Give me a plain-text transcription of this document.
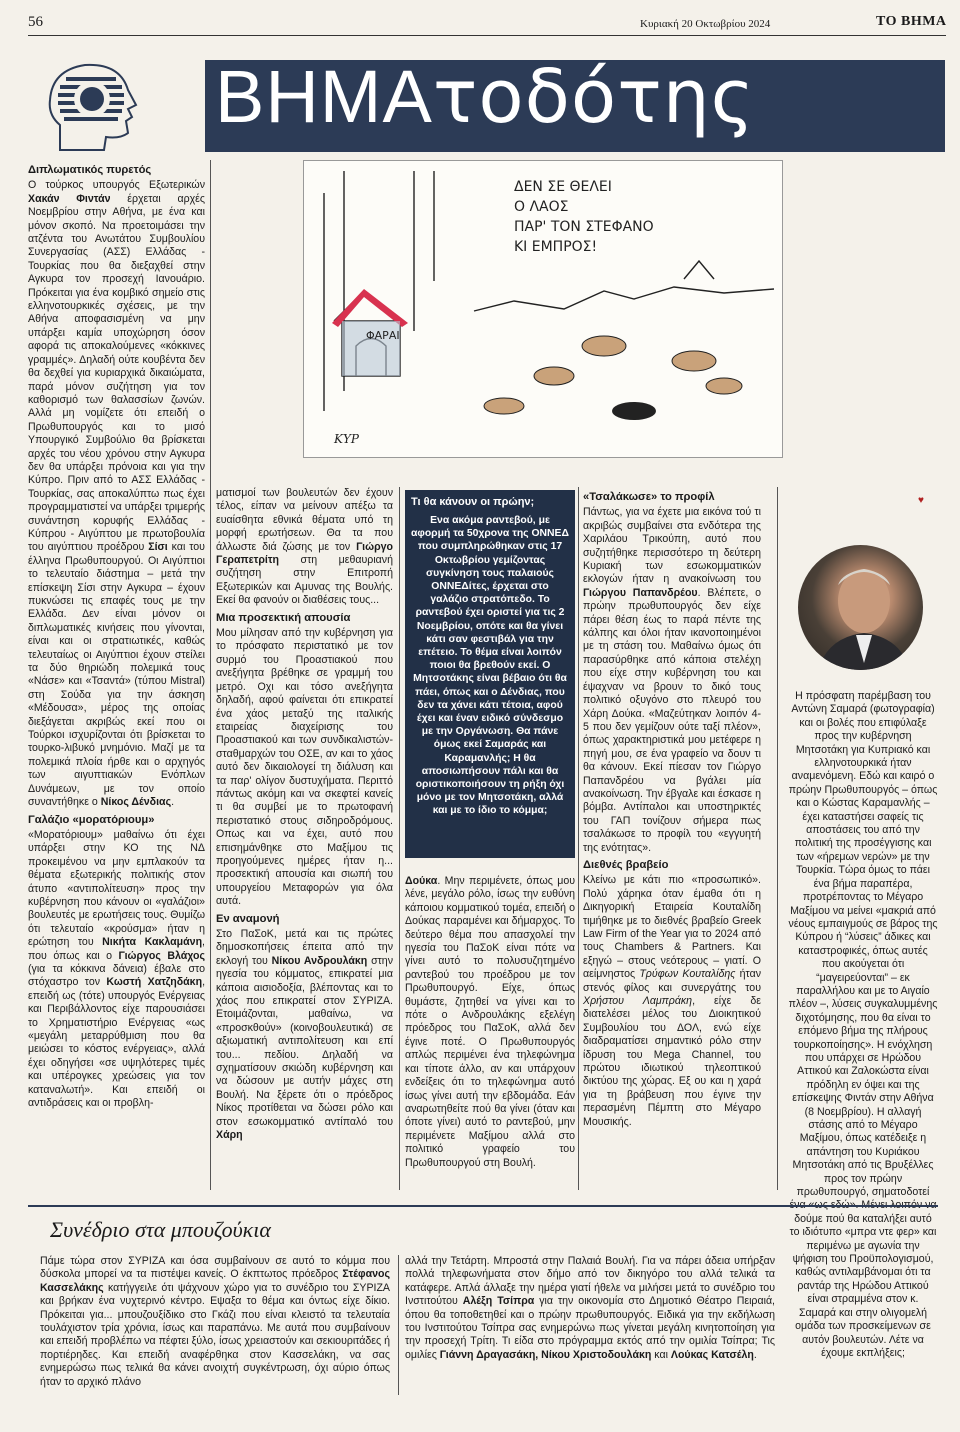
56	Κυριακή 20 Οκτωβρίου 2024	ΤΟ ΒΗΜΑ
ΒΗΜΑτοδότης
Διπλωματικός πυρετός

Ο τούρκος υπουργός Εξωτερικών Χακάν Φιντάν έρχεται αρχές Νοεμβρίου στην Αθήνα, με ένα και μόνον σκοπό. Να προετοιμάσει την ατζέντα του Ανωτάτου Συμβουλίου Συνεργασίας (ΑΣΣ) Ελλάδας - Τουρκίας που θα διεξαχθεί στην Αγκυρα τον προσεχή Ιανουάριο. Πρόκειται για ένα κομβικό σημείο στις ελληνοτουρκικές σχέσεις, με την Αθήνα αποφασισμένη να μην υπάρξει καμία υποχώρηση όσον αφορά τις αποκαλούμενες «κόκκινες γραμμές». Δηλαδή ούτε κουβέντα δεν θα δεχθεί για κυριαρχικά δικαιώματα, παρά μόνον συζήτηση για τον καθορισμό των θαλασσίων ζωνών. Αλλά μη νομίζετε ότι επειδή ο Πρωθυπουργός και το μισό Υπουργικό Συμβούλιο θα βρίσκεται αρχές του νέου χρόνου στην Αγκυρα δεν θα υπάρξει πρόνοια και για την Κύπρο. Πριν από το ΑΣΣ Ελλάδας - Τουρκίας, σας αποκαλύπτω πως έχει προγραμματιστεί να υπάρξει τριμερής συνάντηση κορυφής Ελλάδας - Κύπρου - Αιγύπτου με πρωτοβουλία του αιγύπτιου προέδρου Σίσι και του έλληνα Πρωθυπουργού. Οι Αιγύπτιοι το τελευταίο διάστημα – μετά την επίσκεψη Σίσι στην Αγκυρα – έχουν πυκνώσει τις επαφές τους με την Ελλάδα. Δεν είναι μόνον οι διπλωματικές κινήσεις που γίνονται, είναι και οι στρατιωτικές, καθώς τελευταίως οι Αιγύπτιοι έχουν στείλει τα δύο θηριώδη πολεμικά τους «Νάσε» και «Τσαντά» (τύπου Mistral) στη Σούδα για την άσκηση «Μέδουσα», μέρος της οποίας διεξάγεται ακριβώς εκεί που οι Τούρκοι ισχυρίζονται ότι βρίσκεται το τουρκο-λιβυκό μνημόνιο. Μαζί με τα πολεμικά πλοία ήρθε και ο αρχηγός των αιγυπτιακών Ενόπλων Δυνάμεων, με τον οποίο συναντήθηκε ο Νίκος Δένδιας.

Γαλάζιο «μορατόριουμ»

«Μορατόριουμ» μαθαίνω ότι έχει υπάρξει στην ΚΟ της ΝΔ προκειμένου να μην εμπλακούν τα θέματα εξωτερικής πολιτικής στον άτυπο «αντιπολίτευση» προς την κυβέρνηση που κάνουν οι «γαλάζιοι» βουλευτές με ερωτήσεις τους. Θυμίζω ότι τελευταίο «κρούσμα» ήταν η ερώτηση του Νικήτα Κακλαμάνη, που όπως και ο Γιώργος Βλάχος (για τα κόκκινα δάνεια) έβαλε στο στόχαστρο τον Κωστή Χατζηδάκη, επειδή ως (τότε) υπουργός Ενέργειας και Περιβάλλοντος είχε παρουσιάσει το Χρηματιστήριο Ενέργειας «ως «μεγάλη μεταρρύθμιση που θα μειώσει το κόστος ενέργειας», αλλά έχει οδηγήσει «σε υψηλότερες τιμές και υπέρογκες χρεώσεις για τον καταναλωτή». Και επειδή οι αντιδράσεις και οι προβλη-

ΦΑΡΑΙ
ΔΕΝ ΣΕ ΘΕΛΕΙ
Ο ΛΑΟΣ
ΠΑΡ' ΤΟΝ ΣΤΕΦΑΝΟ
ΚΙ ΕΜΠΡΟΣ!
ΚΥΡ

ματισμοί των βουλευτών δεν έχουν τέλος, είπαν να μείνουν απέξω τα ευαίσθητα εθνικά θέματα υπό τη μορφή ερωτήσεων. Θα τα που άλλωστε διά ζώσης με τον Γιώργο Γεραπετρίτη στη μεθαυριανή συζήτηση στην Επιτροπή Εξωτερικών και Αμυνας της Βουλής. Εκεί θα φανούν οι διαθέσεις τους...

Μια προσεκτική απουσία

Μου μίλησαν από την κυβέρνηση για το πρόσφατο περιστατικό με τον συρμό του Προαστιακού που ανεξήγητα βρέθηκε σε γραμμή του μετρό. Οχι και τόσο ανεξήγητα δηλαδή, αφού φαίνεται ότι επικρατεί ένα χάος μεταξύ της ιταλικής εταιρείας διαχείρισης του Προαστιακού και των συνδικαλιστών-σταθμαρχών του ΟΣΕ, αν και το χάος αυτό δεν δικαιολογεί τη διάλυση και τα παρ' ολίγον δυστυχήματα. Περιττό πάντως ακόμη και να σκεφτεί κανείς τι θα συμβεί με το πρωτοφανή περιστατικό στους σιδηροδρόμους. Οπως και να έχει, αυτό που επισημάνθηκε στο Μαξίμου τις προηγούμενες ημέρες ήταν η... προσεκτική απουσία και σιωπή του υπουργείου Μεταφορών για όλα αυτά.

Εν αναμονή

Στο ΠαΣοΚ, μετά και τις πρώτες δημοσκοπήσεις έπειτα από την εκλογή του Νίκου Ανδρουλάκη στην ηγεσία του κόμματος, επικρατεί μια κάποια αισιοδοξία, βλέποντας και το χάος που επικρατεί στον ΣΥΡΙΖΑ. Ετοιμάζονται, μαθαίνω, να «προσκθούν» (κοινοβουλευτικά) σε αξιωματική αντιπολίτευση και επί του... πεδίου. Δηλαδή να σχηματίσουν σκιώδη κυβέρνηση και να δώσουν με αυτήν μάχες στη Βουλή. Να ξέρετε ότι ο πρόεδρος Νίκος προτίθεται να δώσει ρόλο και στον εσωκομματικό αντίπαλό του Χάρη

Τι θα κάνουν οι πρώην;

Ενα ακόμα ραντεβού, με αφορμή τα 50χρονα της ΟΝΝΕΔ που συμπληρώθηκαν στις 17 Οκτωβρίου γεμίζοντας συγκίνηση τους παλαιούς ΟΝΝΕΔίτες, έρχεται στο γαλάζιο στρατόπεδο. Το ραντεβού έχει οριστεί για τις 2 Νοεμβρίου, οπότε και θα γίνει κάτι σαν φεστιβάλ για την επέτειο. Το θέμα είναι λοιπόν ποιοι θα βρεθούν εκεί. Ο Μητσοτάκης είναι βέβαιο ότι θα πάει, όπως και ο Δένδιας, που δεν τα χάνει κάτι τέτοια, αφού έχει και έναν ειδικό σύνδεσμο με την Οργάνωση. Θα πάνε όμως εκεί Σαμαράς και Καραμανλής; Η θα αποσιωπήσουν πάλι και θα οριστικοποιήσουν τη ρήξη όχι μόνο με τον Μητσοτάκη, αλλά και με το ίδιο το κόμμα;

Δούκα. Μην περιμένετε, όπως μου λένε, μεγάλο ρόλο, ίσως την ευθύνη κάποιου κομματικού τομέα, επειδή ο Δούκας παραμένει και δήμαρχος. Το δεύτερο θέμα που απασχολεί την ηγεσία του ΠαΣοΚ είναι πότε να γίνει αυτό το πολυσυζητημένο ραντεβού του προέδρου με τον Πρωθυπουργό. Είχε, όπως θυμάστε, ζητηθεί να γίνει και το πότε ο Ανδρουλάκης εξελέγη πρόεδρος του ΠαΣοΚ, αλλά δεν έγινε ποτέ. Ο Πρωθυπουργός απλώς περιμένει ένα τηλεφώνημα και τίποτε άλλο, αν και υπάρχουν ενδείξεις ότι το τηλεφώνημα αυτό ίσως γίνει αυτή την εβδομάδα. Εάν αναρωτηθείτε πού θα γίνει (όταν και όποτε γίνει) αυτό το ραντεβού, μην περιμένετε Μαξίμου αλλά στο πολιτικό γραφείο του Πρωθυπουργού στη Βουλή.

«Τσαλάκωσε» το προφίλ

Πάντως, για να έχετε μια εικόνα τού τι ακριβώς συμβαίνει στα ενδότερα της Χαριλάου Τρικούπη, αυτό που συζητήθηκε περισσότερο τη δεύτερη Κυριακή των εσωκομματικών εκλογών ήταν η ανακοίνωση του Γιώργου Παπανδρέου. Βλέπετε, ο πρώην πρωθυπουργός δεν είχε πάρει θέση έως το παρά πέντε της κάλπης και όλοι ήταν ικανοποιημένοι με τη στάση του. Μαθαίνω όμως ότι παρασύρθηκε από κάποια στελέχη που είχε στην κυβέρνηση του και έψαχναν να βρουν το δικό τους πολιτικό οξυγόνο στο πλευρό του Χάρη Δούκα. «Μαζεύτηκαν λοιπόν 4-5 που δεν γεμίζουν ούτε ταξί πλέον», όπως χαρακτηριστικά μου μετέφερε η πηγή μου, σε ένα γραφείο να δουν τι θα κάνουν. Εκεί πίεσαν τον Γιώργο Παπανδρέου να βγάλει μία ανακοίνωση. Την έβγαλε και έσκασε η βόμβα. Αντίπαλοι και υποστηρικτές του ΓΑΠ τονίζουν σήμερα πως τσαλάκωσε το προφίλ του «εγγυητή της ενότητας».

Διεθνές βραβείο

Κλείνω με κάτι πιο «προσωπικό». Πολύ χάρηκα όταν έμαθα ότι η Δικηγορική Εταιρεία Κουταλίδη τιμήθηκε με το διεθνές βραβείο Greek Law Firm of the Year για το 2024 από τους Chambers & Partners. Και εξηγώ – στους νεότερους – γιατί. Ο αείμνηστος Τρύφων Κουταλίδης ήταν στενός φίλος και συνεργάτης του Χρήστου Λαμπράκη, είχε δε διατελέσει μέλος του Διοικητικού Συμβουλίου του ΔΟΛ, ενώ είχε διαδραματίσει σημαντικό ρόλο στην ίδρυση του Mega Channel, του πρώτου ιδιωτικού τηλεοπτικού δικτύου της χώρας. Εξ ου και η χαρά για τη βράβευση που έγινε την περασμένη Πέμπτη στο Μέγαρο Μουσικής.

♥

Η πρόσφατη παρέμβαση του Αντώνη Σαμαρά (φωτογραφία) και οι βολές που επιφύλαξε προς την κυβέρνηση Μητσοτάκη για Κυπριακό και ελληνοτουρκικά ήταν αναμενόμενη. Εδώ και καιρό ο πρώην Πρωθυπουργός – όπως και ο Κώστας Καραμανλής – έχει καταστήσει σαφείς τις αποστάσεις του από την πολιτική της προσέγγισης και των «ήρεμων νερών» με την Τουρκία. Τώρα όμως το πάει ένα βήμα παραπέρα, προτρέποντας το Μέγαρο Μαξίμου να μείνει «μακριά από νέους εμπαιγμούς σε βάρος της Κύπρου ή “λύσεις” άδικες και καταστροφικές, όπως αυτές που ακούγεται ότι “μαγειρεύονται” – εκ παραλλήλου και με το Αιγαίο πλέον –, λύσεις συγκαλυμμένης διχοτόμησης, που θα είναι το επόμενο βήμα της πλήρους τουρκοποίησης». Η ενόχληση που υπάρχει σε Ηρώδου Αττικού και Ζαλοκώστα είναι πρόδηλη εν όψει και της επίσκεψης Φιντάν στην Αθήνα (8 Νοεμβρίου). Η αλλαγή στάσης από το Μέγαρο Μαξίμου, όπως κατέδειξε η απάντηση του Κυριάκου Μητσοτάκη από τις Βρυξέλλες προς τον πρώην πρωθυπουργό, σηματοδοτεί δούμε πού θα καταλήξει αυτό το ιδιότυπο «μπρα ντε φερ» και περιμένω με αγωνία την ψήφιση του Προϋπολογισμού, καθώς αντιλαμβάνομαι ότι τα ραντάρ της Ηρώδου Αττικού είναι στραμμένα στον κ. Σαμαρά και στην ολιγομελή ομάδα των προσκείμενων σε αυτόν βουλευτών. Λέτε να έχουμε εκπλήξεις;

Συνέδριο στα μπουζούκια

Πάμε τώρα στον ΣΥΡΙΖΑ και όσα συμβαίνουν σε αυτό το κόμμα που δύσκολα μπορεί να τα πιστέψει κανείς. Ο έκπτωτος πρόεδρος Στέφανος Κασσελάκης κατήγγειλε ότι ψάχνουν χώρο για το συνέδριο του ΣΥΡΙΖΑ και βρήκαν ένα νυχτερινό κέντρο. Εψαξα το θέμα και όντως είχε δίκιο. Πρόκειται για... μπουζουξίδικο στο Γκάζι που είναι κλειστό τα τελευταία τουλάχιστον τρία χρόνια, ίσως και παραπάνω. Με αυτά που συμβαίνουν και επειδή προβλέπω να πέφτει ξύλο, ίσως χρειαστούν και σεκιουριτάδες ή πορτιέρηδες. Και επειδή αναφέρθηκα στον Κασσελάκη, να σας ενημερώσω πως τελικά θα κάνει ανοιχτή συγκέντρωση, όχι αύριο όπως ήταν το αρχικό πλάνο

αλλά την Τετάρτη. Μπροστά στην Παλαιά Βουλή. Για να πάρει άδεια υπήρξαν πολλά τηλεφωνήματα στον δήμο από τον δικηγόρο του αλλά τελικά τα κατάφερε. Απλά άλλαξε την ημέρα γιατί ήθελε να μιλήσει μετά το συνέδριο του Ινστιτούτου Αλέξη Τσίπρα για την οικονομία στο Δημοτικό Θέατρο Πειραιά, όπου θα τοποθετηθεί και ο πρώην πρωθυπουργός. Ειδικά για την εκδήλωση του Ινστιτούτου Τσίπρα σας ενημερώνω πως γίνεται μεγάλη κινητοποίηση για την προσεχή Τρίτη. Τι είδα στο πρόγραμμα εκτός από την ομιλία Τσίπρα; Τις ομιλίες Γιάννη Δραγασάκη, Νίκου Χριστοδουλάκη και Λούκας Κατσέλη.
